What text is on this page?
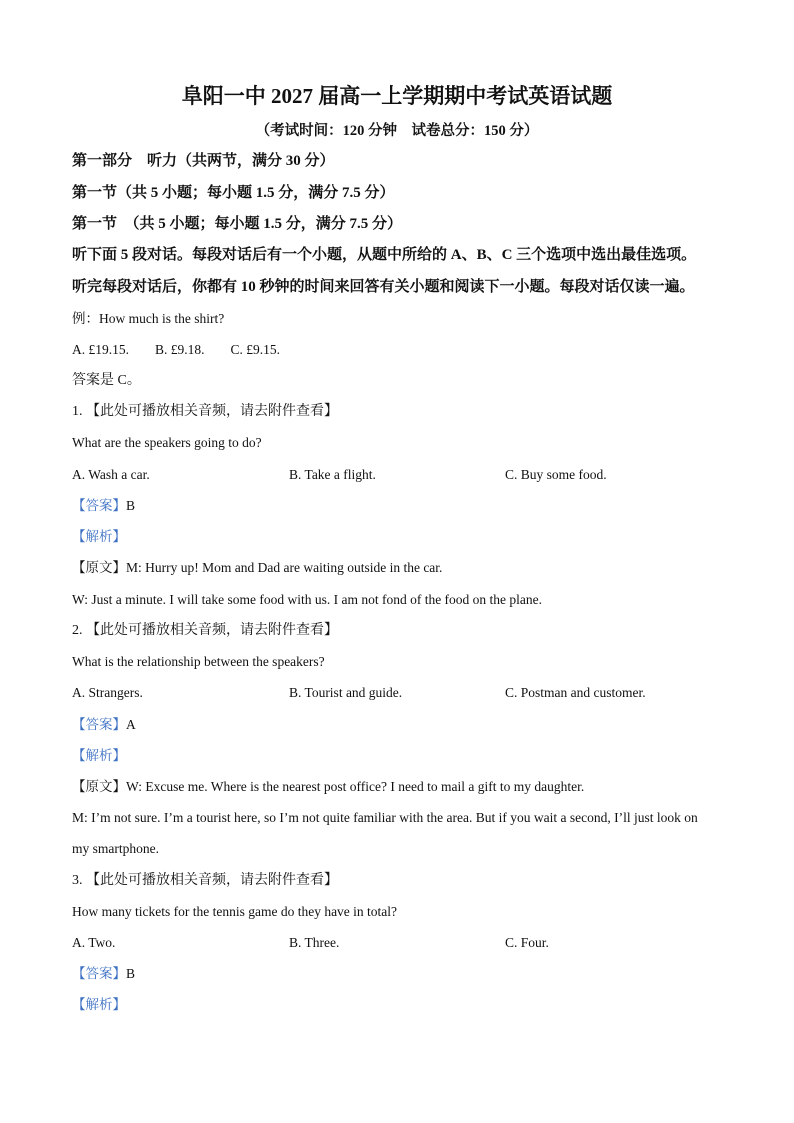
阜阳一中 2027 届高一上学期期中考试英语试题
（考试时间：120 分钟　试卷总分：150 分）
第一部分　听力（共两节，满分 30 分）
第一节（共 5 小题；每小题 1.5 分，满分 7.5 分）
第一节　（共 5 小题；每小题 1.5 分，满分 7.5 分）
听下面 5 段对话。每段对话后有一个小题，从题中所给的 A、B、C 三个选项中选出最佳选项。
听完每段对话后，你都有 10 秒钟的时间来回答有关小题和阅读下一小题。每段对话仅读一遍。
例：How much is the shirt?
A. £19.15. B. £9.18. C. £9.15.
答案是 C。
1. 【此处可播放相关音频，请去附件查看】
What are the speakers going to do?
A. Wash a car.	B. Take a flight.	C. Buy some food.
【答案】B
【解析】
【原文】M: Hurry up! Mom and Dad are waiting outside in the car.
W: Just a minute. I will take some food with us. I am not fond of the food on the plane.
2. 【此处可播放相关音频，请去附件查看】
What is the relationship between the speakers?
A. Strangers.	B. Tourist and guide.	C. Postman and customer.
【答案】A
【解析】
【原文】W: Excuse me. Where is the nearest post office? I need to mail a gift to my daughter.
M: I’m not sure. I’m a tourist here, so I’m not quite familiar with the area. But if you wait a second, I’ll just look on
my smartphone.
3. 【此处可播放相关音频，请去附件查看】
How many tickets for the tennis game do they have in total?
A. Two.	B. Three.	C. Four.
【答案】B
【解析】
